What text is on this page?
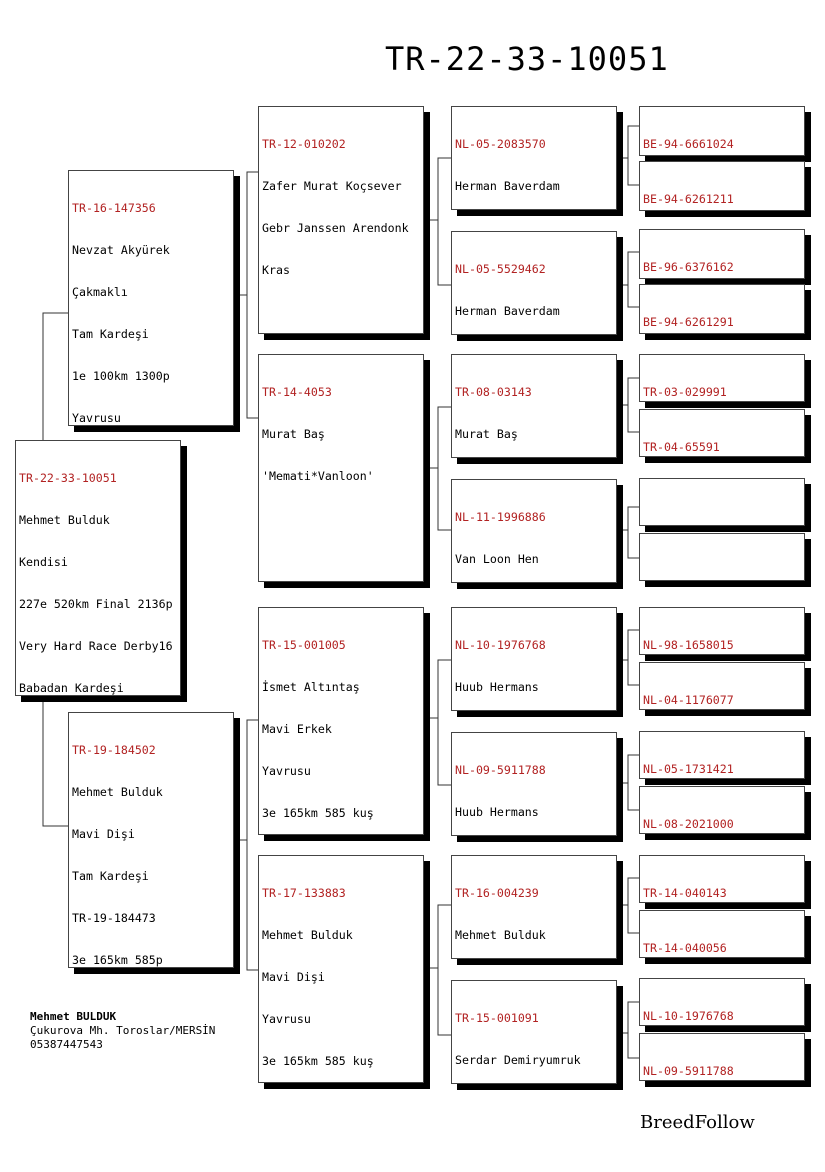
TR-22-33-10051

TR-22-33-10051

Mehmet Bulduk

Kendisi

227e 520km Final 2136p

Very Hard Race Derby16

Babadan Kardeşi

TR-16-147356

Nevzat Akyürek

Çakmaklı

Tam Kardeşi

1e 100km 1300p

Yavrusu

TR-19-184502

Mehmet Bulduk

Mavi Dişi

Tam Kardeşi

TR-19-184473

3e 165km 585p

TR-12-010202

Zafer Murat Koçsever

Gebr Janssen Arendonk

Kras

TR-14-4053

Murat Baş

'Memati*Vanloon'

TR-15-001005

İsmet Altıntaş

Mavi Erkek

Yavrusu

3e 165km 585 kuş

TR-17-133883

Mehmet Bulduk

Mavi Dişi

Yavrusu

3e 165km 585 kuş

NL-05-2083570

Herman Baverdam

NL-05-5529462

Herman Baverdam

TR-08-03143

Murat Baş

NL-11-1996886

Van Loon Hen

NL-10-1976768

Huub Hermans

NL-09-5911788

Huub Hermans

TR-16-004239

Mehmet Bulduk

TR-15-001091

Serdar Demiryumruk

BE-94-6661024

BE-94-6261211

BE-96-6376162

BE-94-6261291

TR-03-029991

TR-04-65591

NL-98-1658015

NL-04-1176077

NL-05-1731421

NL-08-2021000

TR-14-040143

TR-14-040056

NL-10-1976768

NL-09-5911788

Mehmet BULDUK
Çukurova Mh. Toroslar/MERSİN
05387447543
BreedFollow
